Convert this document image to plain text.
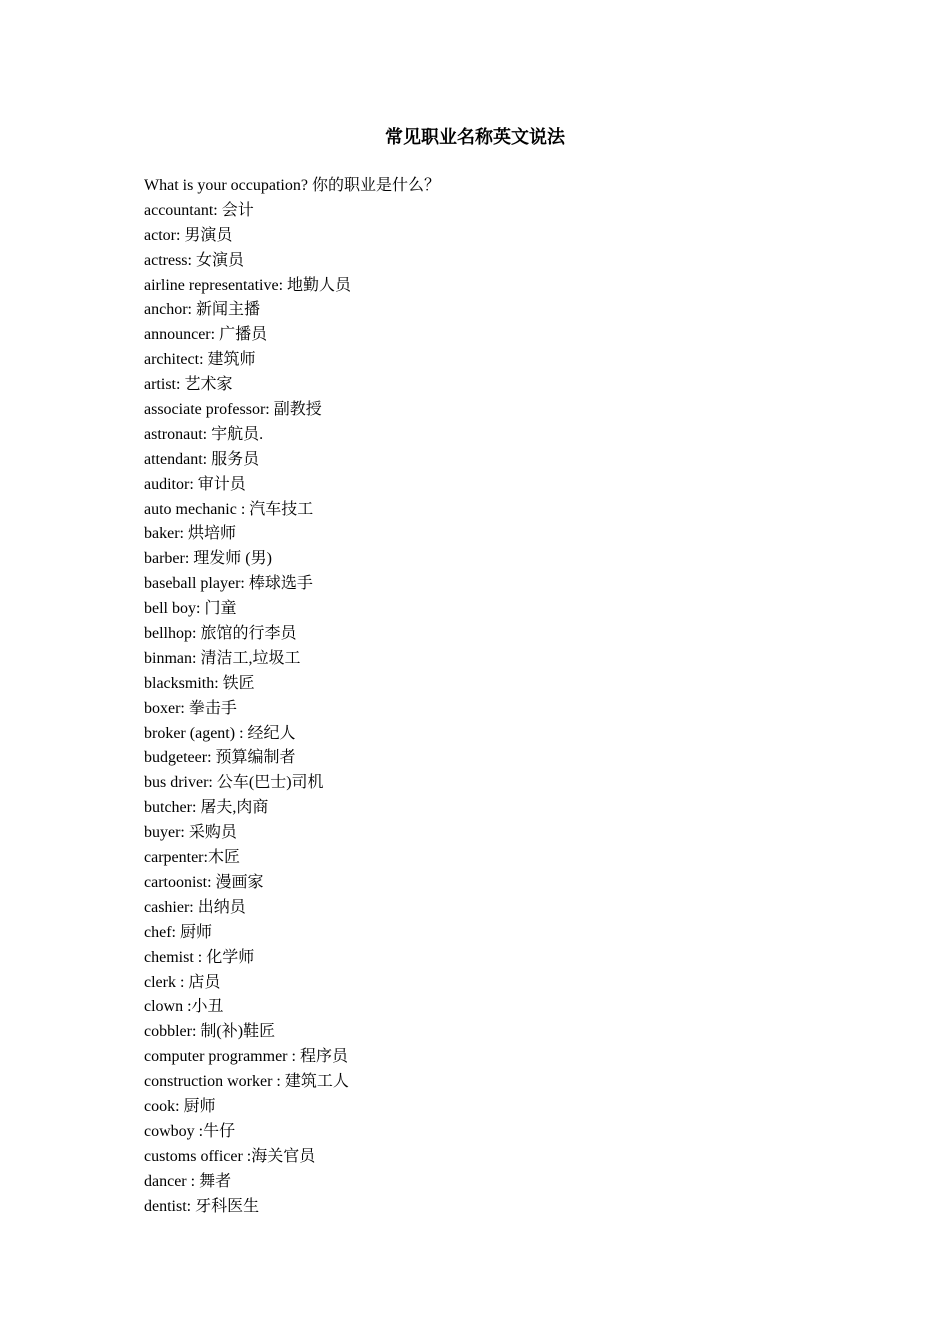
常见职业名称英文说法
What is your occupation? 你的职业是什么？
accountant: 会计
actor: 男演员
actress: 女演员
airline representative: 地勤人员
anchor: 新闻主播
announcer: 广播员
architect: 建筑师
artist: 艺术家
associate professor: 副教授
astronaut: 宇航员.
attendant: 服务员
auditor: 审计员
auto mechanic : 汽车技工
baker: 烘培师
barber: 理发师 (男)
baseball player: 棒球选手
bell boy: 门童
bellhop: 旅馆的行李员
binman: 清洁工,垃圾工
blacksmith: 铁匠
boxer: 拳击手
broker (agent) : 经纪人
budgeteer: 预算编制者
bus driver: 公车(巴士)司机
butcher: 屠夫,肉商
buyer: 采购员
carpenter:木匠
cartoonist: 漫画家
cashier: 出纳员
chef: 厨师
chemist : 化学师
clerk : 店员
clown :小丑
cobbler: 制(补)鞋匠
computer programmer : 程序员
construction worker : 建筑工人
cook: 厨师
cowboy :牛仔
customs officer :海关官员
dancer : 舞者
dentist: 牙科医生
